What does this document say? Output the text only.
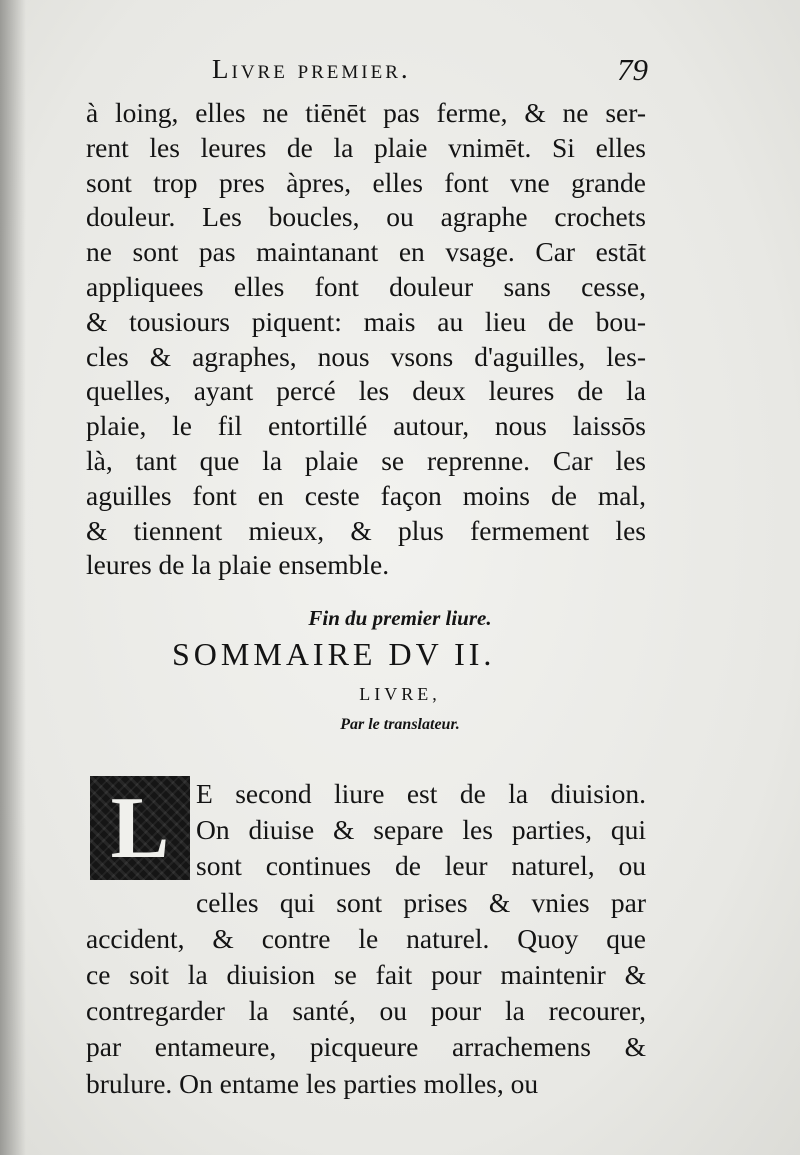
Livre premier.	79
à loing, elles ne tiēnēt pas ferme, & ne ser-
rent les leures de la plaie vnimēt. Si elles
sont trop pres àpres, elles font vne grande
douleur. Les boucles, ou agraphe crochets
ne sont pas maintanant en vsage. Car estāt
appliquees elles font douleur sans cesse,
& tousiours piquent: mais au lieu de bou-
cles & agraphes, nous vsons d'aguilles, les-
quelles, ayant percé les deux leures de la
plaie, le fil entortillé autour, nous laissōs
là, tant que la plaie se reprenne. Car les
aguilles font en ceste façon moins de mal,
& tiennent mieux, & plus fermement les
leures de la plaie ensemble.
Fin du premier liure.
SOMMAIRE DV II.
LIVRE,
Par le translateur.
L E second liure est de la diuision.
On diuise & separe les parties, qui
sont continues de leur naturel, ou
celles qui sont prises & vnies par
accident, & contre le naturel. Quoy que
ce soit la diuision se fait pour maintenir &
contregarder la santé, ou pour la recourer,
par entameure, picqueure arrachemens &
brulure. On entame les parties molles, ou
